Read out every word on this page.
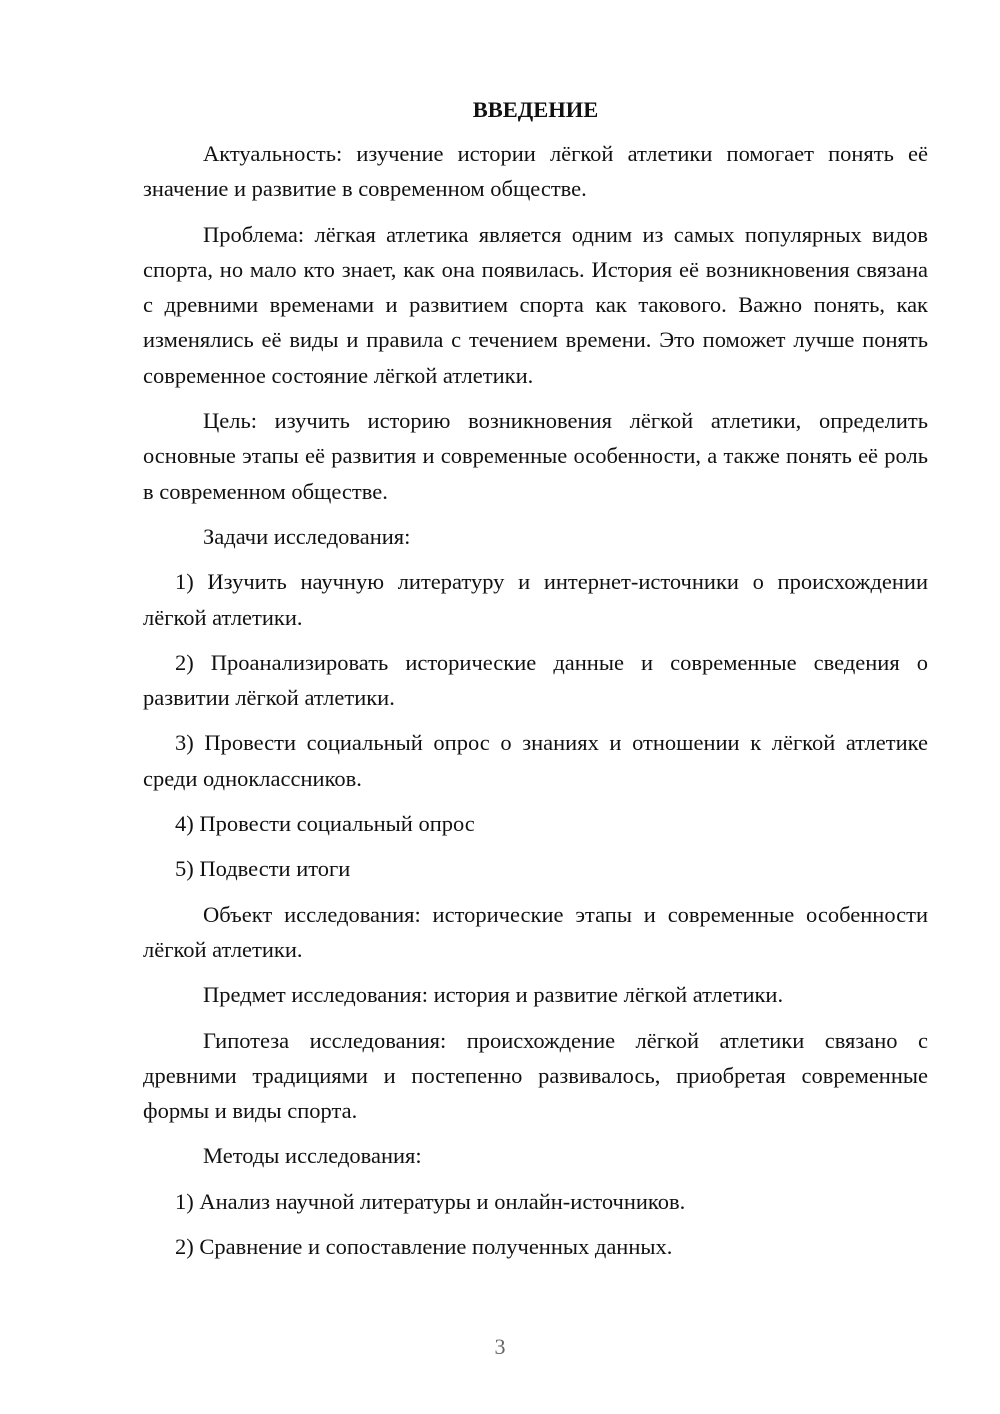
ВВЕДЕНИЕ
Актуальность: изучение истории лёгкой атлетики помогает понять её значение и развитие в современном обществе.
Проблема: лёгкая атлетика является одним из самых популярных видов спорта, но мало кто знает, как она появилась. История её возникновения связана с древними временами и развитием спорта как такового. Важно понять, как изменялись её виды и правила с течением времени. Это поможет лучше понять современное состояние лёгкой атлетики.
Цель: изучить историю возникновения лёгкой атлетики, определить основные этапы её развития и современные особенности, а также понять её роль в современном обществе.
Задачи исследования:
1) Изучить научную литературу и интернет-источники о происхождении лёгкой атлетики.
2) Проанализировать исторические данные и современные сведения о развитии лёгкой атлетики.
3) Провести социальный опрос о знаниях и отношении к лёгкой атлетике среди одноклассников.
4) Провести социальный опрос
5) Подвести итоги
Объект исследования: исторические этапы и современные особенности лёгкой атлетики.
Предмет исследования: история и развитие лёгкой атлетики.
Гипотеза исследования: происхождение лёгкой атлетики связано с древними традициями и постепенно развивалось, приобретая современные формы и виды спорта.
Методы исследования:
1) Анализ научной литературы и онлайн-источников.
2) Сравнение и сопоставление полученных данных.
3
